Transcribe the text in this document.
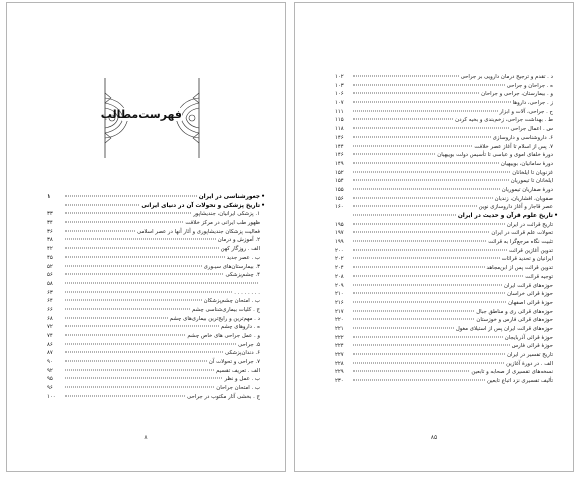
فهرست‌مطالب
•
جغورشناسی در ایران
۱
•
تاریخ پزشکی و تحولات آن در دنیای ایرانی
۱. پزشکی ایرانیان، جندیشاپور
۳۳
ظهور طب ایرانی در مرکز خلافت
۳۴
فعالیت پزشکان جندیشاپوری و آثار آنها در عصر اسلامی
۳۶
۲. آموزش و درمان
۳۸
الف . روزگار کهن
۴۲
ب . عصر جدید
۴۵
۳. بیمارستان‌های سیـوری
۵۲
۴. چشم‌پزشکی
۵۶
۵۸
. . . . . . . .
۶۳
ب . امتحان چشم‌پزشکان
۶۴
ج . کلیات بیماری‌شناسی چشم
۶۶
د . مهم‌ترین و رایج‌ترین بیماری‌های چشم
۶۸
ه . داروهای چشم
۷۲
و . عمل جراحی های خاص چشم
۷۴
۵. جراحی
۸۶
۶. دندان‌پزشکی
۸۷
۷. جراحی و تحولات آن
۹۰
الف . تعریف تقسیم
۹۲
ب . عمل و نظر
۹۵
ب . امتحان جراحان
۹۶
ج . بخشی آثار مکتوب در جراحی
۱۰۰
۸
د . تقدم و ترجیح درمان دارویی بر جراحی
۱۰۲
ه . جراحان و جراحی
۱۰۳
و . بیمارستان، جراحی و جراحان
۱۰۶
ز . جراحی، داروها
۱۰۷
ح . جراحی، آلات و ابزار
۱۱۱
ط . بهداشت جراحی، زخم‌بندی و بخیه کردن
۱۱۵
س . اعمال جراحی
۱۱۸
۶. داروشناسی و داروسازی
۱۴۶
۷. پس از اسلام تا آغاز عصر خلافت
۱۴۴
دورهٔ خلفای اموی و عباسی تا تأسیس دولت بوییهیان
۱۴۶
دورهٔ سامانیان، بوییهیان
۱۴۹
غزنویان تا ایلخانان
۱۵۲
ایلخانان تا تیموریان
۱۵۴
دورهٔ صفاریان تیموریان
۱۵۵
صفویان، افشاریان، زندیان
۱۵۶
عصر قاجار و آغاز داروسازی نوین
۱۶۰
•
تاریخ علوم قرآن و حدیث در ایران
تاریخ قرائت در ایران
۱۹۵
تحولات علم قرائت در ایران
۱۹۷
تثبیت نگاه مرجع‌گرا به قرائت
۱۹۹
تدوین آغازین قرائت
۲۰۰
ایرانیان و تحدید قرائات
۲۰۲
تدوین قرائت پس از ابن‌مجاهد
۲۰۴
توجیه قرائت
۲۰۸
حوزه‌های قرائت ایران
۲۰۹
حوزهٔ قرائی خراسان
۲۱۰
حوزهٔ قرائی اصفهان
۲۱۶
حوزه‌های قرائی ری و مناطق جبال
۲۱۷
حوزه‌های قرائی فارس و خوزستان
۲۲۰
حوزه‌های قرائت ایران پس از استیلای مغول
۲۲۱
حوزهٔ قرائی آذربایجان
۲۲۲
حوزهٔ قرائی فارس
۲۲۴
تاریخ تفسیر در ایران
۲۲۷
الف . در دورهٔ آغازین
۲۲۸
نسخه‌های تفسیری از صحابه و تابعین
۲۲۹
تألیف تفسیری نزد اتباع تابعین
۲۳۰
۸۵
